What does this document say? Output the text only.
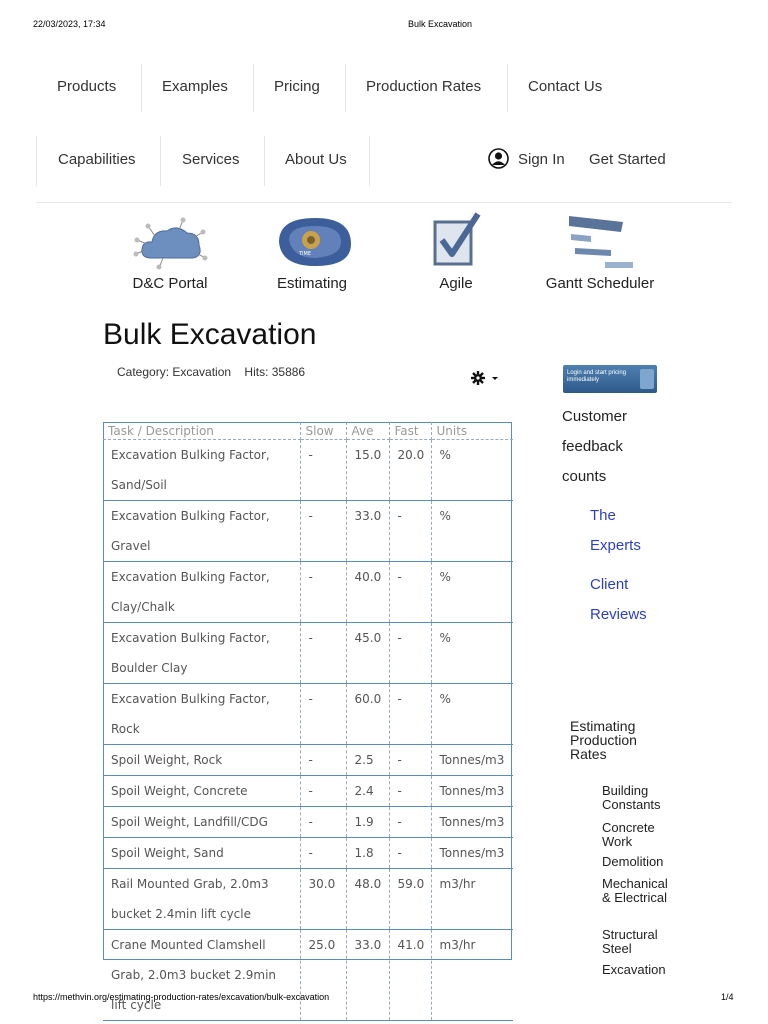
22/03/2023, 17:34	Bulk Excavation
Products	Examples	Pricing	Production Rates	Contact Us
Capabilities	Services	About Us	Sign In Get Started
D&C Portal
TIME
Estimating	Agile	Gantt Scheduler
Bulk Excavation
Category: Excavation Hits: 35886
Task / Description	Slow	Ave	Fast	Units
Excavation Bulking Factor, Sand/Soil	-	15.0	20.0	%
Excavation Bulking Factor, Gravel	-	33.0	-	%
Excavation Bulking Factor, Clay/Chalk	-	40.0	-	%
Excavation Bulking Factor, Boulder Clay	-	45.0	-	%
Excavation Bulking Factor, Rock	-	60.0	-	%
Spoil Weight, Rock	-	2.5	-	Tonnes/m3
Spoil Weight, Concrete	-	2.4	-	Tonnes/m3
Spoil Weight, Landfill/CDG	-	1.9	-	Tonnes/m3
Spoil Weight, Sand	-	1.8	-	Tonnes/m3
Rail Mounted Grab, 2.0m3 bucket 2.4min lift cycle	30.0	48.0	59.0	m3/hr
Crane Mounted Clamshell Grab, 2.0m3 bucket 2.9min lift cycle	25.0	33.0	41.0	m3/hr
Login and start pricing immediately
Customer
feedback
counts
The
Experts
Client
Reviews
Estimating Production Rates
Building Constants
Concrete Work
Demolition
Mechanical & Electrical
Structural Steel
Excavation
https://methvin.org/estimating-production-rates/excavation/bulk-excavation	1/4
